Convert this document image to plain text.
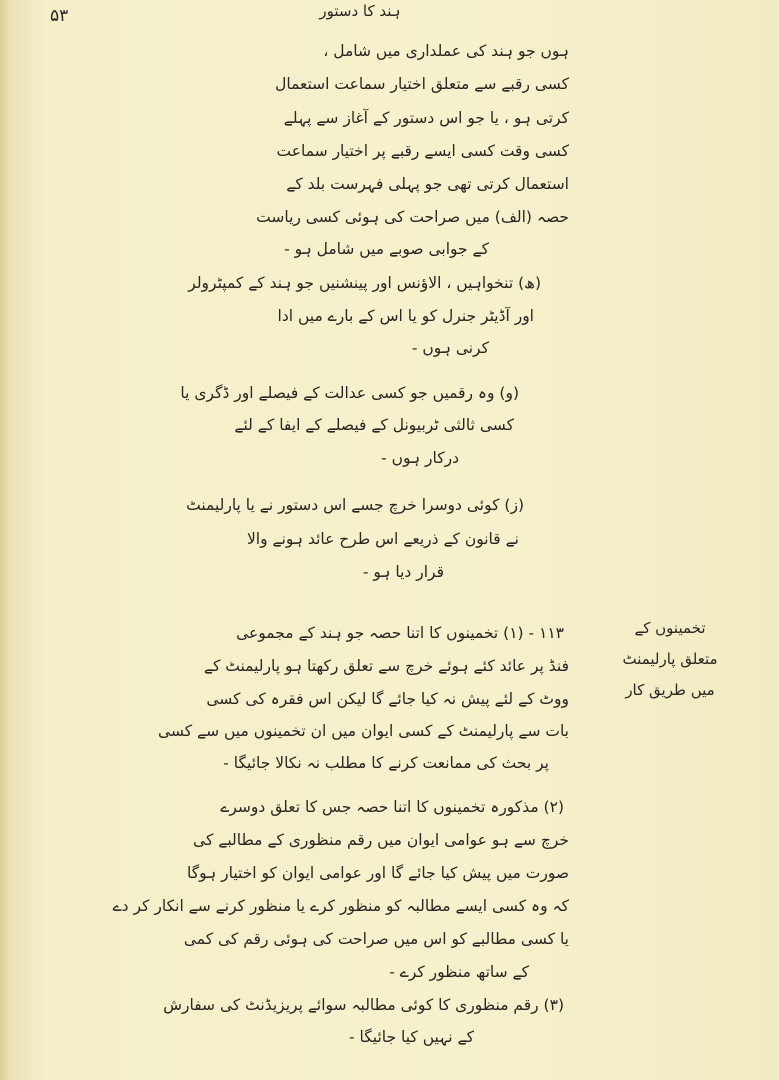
۵۳	ہند کا دستور
ہوں جو ہند کی عملداری میں شامل ،
کسی رقبے سے متعلق اختیار سماعت استعمال
کرتی ہو ، یا جو اس دستور کے آغاز سے پہلے
کسی وقت کسی ایسے رقبے پر اختیار سماعت
استعمال کرتی تھی جو پہلی فہرست بلد کے
حصہ (الف) میں صراحت کی ہوئی کسی ریاست
کے جوابی صوبے میں شامل ہو -
(ھ) تنخواہیں ، الاؤنس اور پینشنیں جو ہند کے کمپٹرولر
اور آڈیٹر جنرل کو یا اس کے بارے میں ادا
کرنی ہوں -
(و) وہ رقمیں جو کسی عدالت کے فیصلے اور ڈگری یا
کسی ثالثی ٹربیونل کے فیصلے کے ایفا کے لئے
درکار ہوں -
(ز) کوئی دوسرا خرچ جسے اس دستور نے یا پارلیمنٹ
نے قانون کے ذریعے اس طرح عائد ہونے والا
قرار دیا ہو -
تخمینوں کے
متعلق پارلیمنٹ
میں طریق کار
۱۱۳ - (۱) تخمینوں کا اتنا حصہ جو ہند کے مجموعی
فنڈ پر عائد کئے ہوئے خرچ سے تعلق رکھتا ہو پارلیمنٹ کے
ووٹ کے لئے پیش نہ کیا جائے گا لیکن اس فقرہ کی کسی
بات سے پارلیمنٹ کے کسی ایوان میں ان تخمینوں میں سے کسی
پر بحث کی ممانعت کرنے کا مطلب نہ نکالا جائیگا -
(۲) مذکورہ تخمینوں کا اتنا حصہ جس کا تعلق دوسرے
خرچ سے ہو عوامی ایوان میں رقم منظوری کے مطالبے کی
صورت میں پیش کیا جائے گا اور عوامی ایوان کو اختیار ہوگا
کہ وہ کسی ایسے مطالبہ کو منظور کرے یا منظور کرنے سے انکار کر دے
یا کسی مطالبے کو اس میں صراحت کی ہوئی رقم کی کمی
کے ساتھ منظور کرے -
(۳) رقم منظوری کا کوئی مطالبہ سوائے پریزیڈنٹ کی سفارش
کے نہیں کیا جائیگا -
